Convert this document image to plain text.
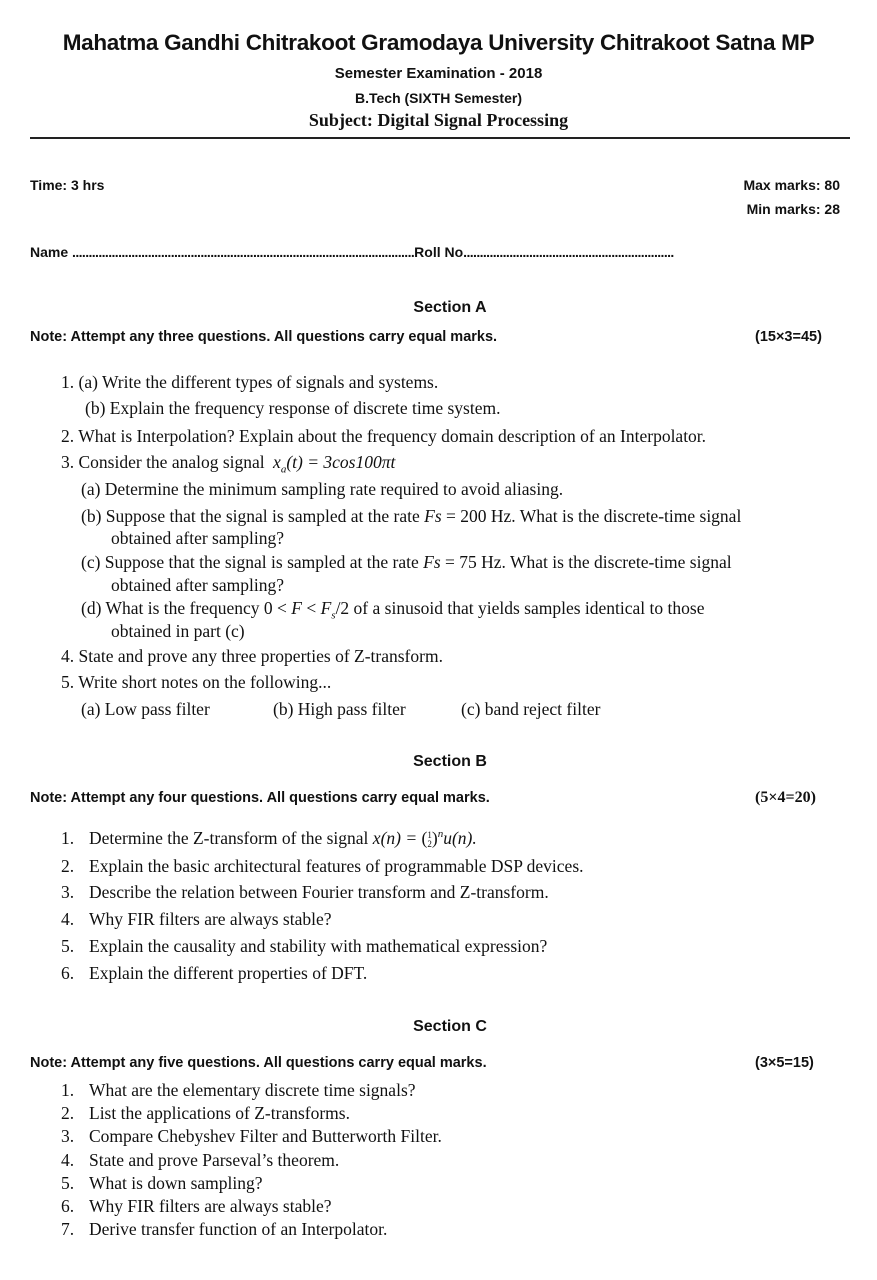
Mahatma Gandhi Chitrakoot Gramodaya University Chitrakoot Satna MP
Semester Examination - 2018
B.Tech (SIXTH Semester)
Subject: Digital Signal Processing
Time: 3 hrs	Max marks: 80
Min marks: 28
Name ........................................................................................................Roll No................................................................
Section A
Note: Attempt any three questions. All questions carry equal marks.	(15×3=45)
1. (a) Write the different types of signals and systems.
(b) Explain the frequency response of discrete time system.
2. What is Interpolation? Explain about the frequency domain description of an Interpolator.
3. Consider the analog signal $x_a(t) = 3\cos 100\pi t$
(a) Determine the minimum sampling rate required to avoid aliasing.
(b) Suppose that the signal is sampled at the rate Fs = 200 Hz. What is the discrete-time signal
obtained after sampling?
(c) Suppose that the signal is sampled at the rate Fs = 75 Hz. What is the discrete-time signal
obtained after sampling?
(d) What is the frequency $0 < F < F_s/2$ of a sinusoid that yields samples identical to those
obtained in part (c)
4. State and prove any three properties of Z-transform.
5. Write short notes on the following...
(a) Low pass filter	(b) High pass filter	(c) band reject filter
Section B
Note: Attempt any four questions. All questions carry equal marks.	(5×4=20)
1. Determine the Z-transform of the signal x(n) = ( 1
2 )$^n$u(n).
2. Explain the basic architectural features of programmable DSP devices.
3. Describe the relation between Fourier transform and Z-transform.
4. Why FIR filters are always stable?
5. Explain the causality and stability with mathematical expression?
6. Explain the different properties of DFT.
Section C
Note: Attempt any five questions. All questions carry equal marks.	(3×5=15)
1. What are the elementary discrete time signals?
2. List the applications of Z-transforms.
3. Compare Chebyshev Filter and Butterworth Filter.
4. State and prove Parseval’s theorem.
5. What is down sampling?
6. Why FIR filters are always stable?
7. Derive transfer function of an Interpolator.
